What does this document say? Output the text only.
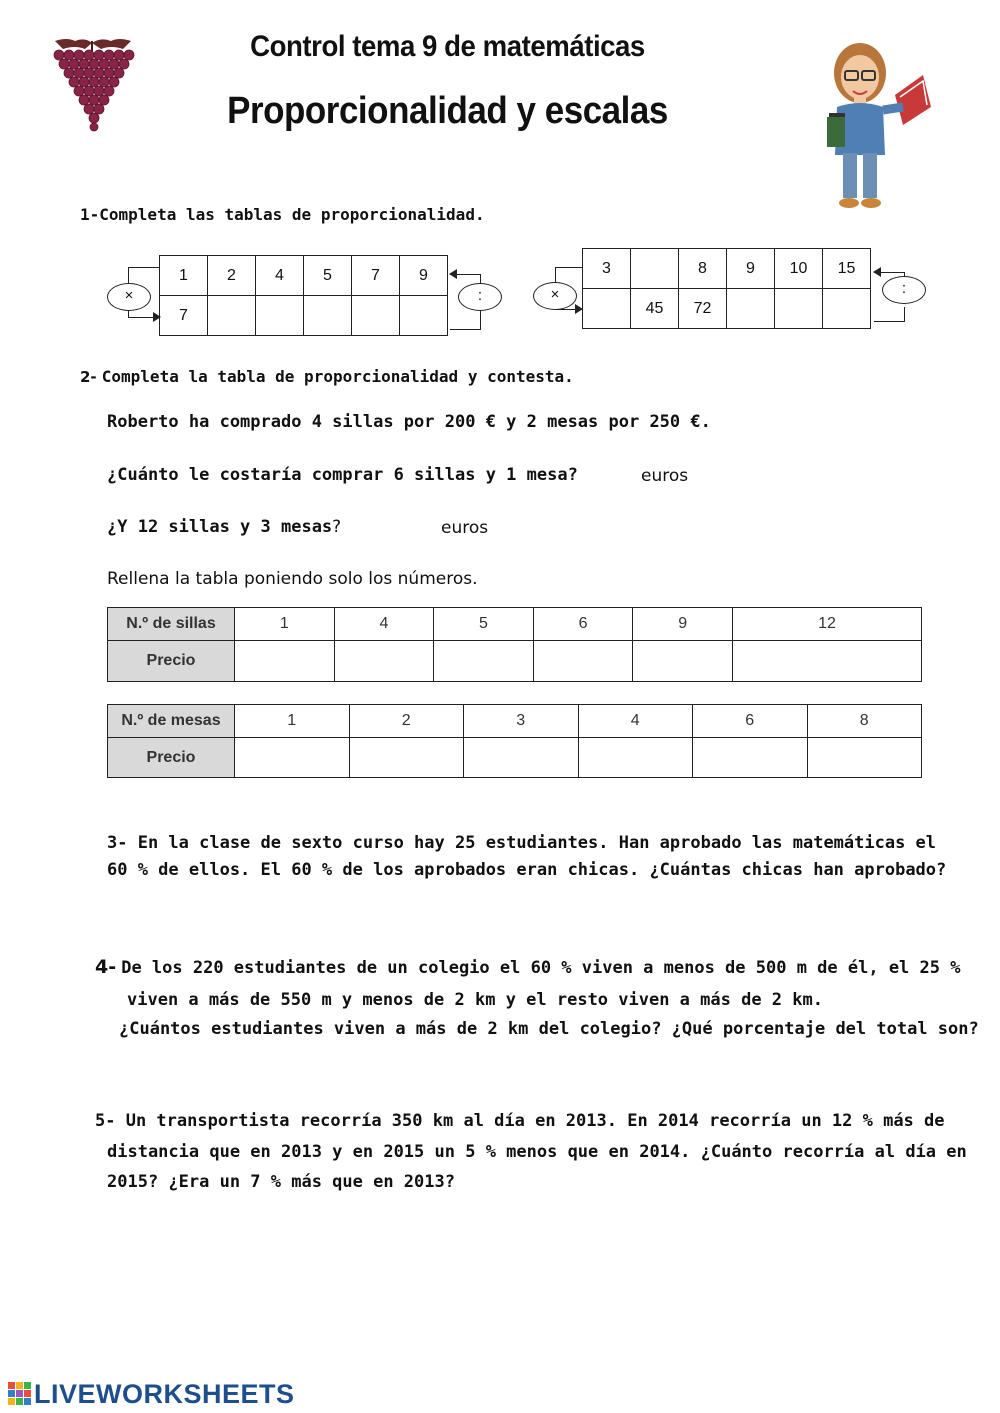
Control tema 9 de matemáticas
Proporcionalidad y escalas
1-Completa las tablas de proporcionalidad.
×
1	2	4	5	7	9
7					
:	×
3		8	9	10	15
	45	72			
:
2- Completa la tabla de proporcionalidad y contesta.
Roberto ha comprado 4 sillas por 200 € y 2 mesas por 250 €.
¿Cuánto le costaría comprar 6 sillas y 1 mesa?	euros
¿Y 12 sillas y 3 mesas?	euros
Rellena la tabla poniendo solo los números.
N.º de sillas	1	4	5	6	9	12
Precio						
N.º de mesas	1	2	3	4	6	8
Precio						
3- En la clase de sexto curso hay 25 estudiantes. Han aprobado las matemáticas el
60 % de ellos. El 60 % de los aprobados eran chicas. ¿Cuántas chicas han aprobado?
4- De los 220 estudiantes de un colegio el 60 % viven a menos de 500 m de él, el 25 %
viven a más de 550 m y menos de 2 km y el resto viven a más de 2 km.
¿Cuántos estudiantes viven a más de 2 km del colegio? ¿Qué porcentaje del total son?
5- Un transportista recorría 350 km al día en 2013. En 2014 recorría un 12 % más de
distancia que en 2013 y en 2015 un 5 % menos que en 2014. ¿Cuánto recorría al día en
2015? ¿Era un 7 % más que en 2013?
LIVEWORKSHEETS
